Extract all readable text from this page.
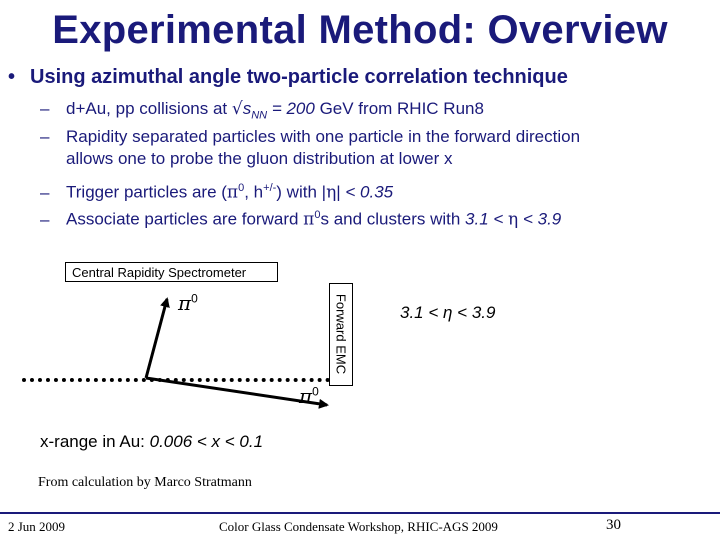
Experimental Method: Overview
• Using azimuthal angle two-particle correlation technique
– d+Au, pp collisions at $√s_{NN} = 200$ GeV from RHIC Run8
– Rapidity separated particles with one particle in the forward direction
allows one to probe the gluon distribution at lower x
– Trigger particles are ($\pi^0$, h+/-) with |η| < 0.35
– Associate particles are forward $\pi^0s$ and clusters with 3.1 < η < 3.9
Central Rapidity Spectrometer
Forward EMC
$\pi^0$
$\pi^0$
3.1 < η < 3.9
x-range in Au: 0.006 < x < 0.1
From calculation by Marco Stratmann
2 Jun 2009	Color Glass Condensate Workshop, RHIC-AGS 2009	30
